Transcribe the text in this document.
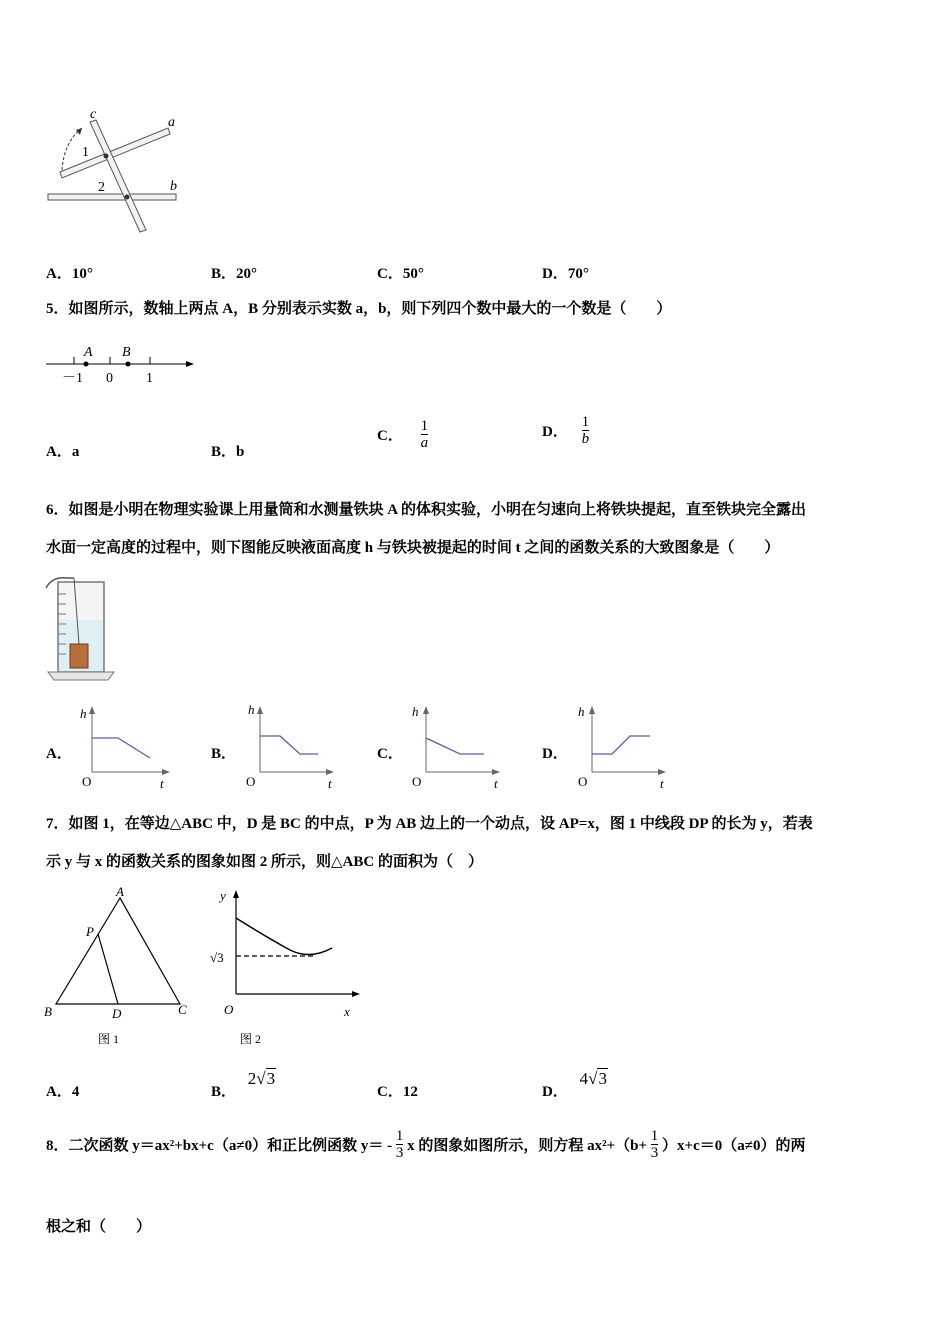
c
a
b
1
2
A．10°	B．20°	C．50°	D．70°
5．如图所示，数轴上两点 A，B 分别表示实数 a，b，则下列四个数中最大的一个数是（　　）
A B
－1 0 1
A．a	B．b
C． $\frac{1}{a}$	D． $\frac{1}{b}$
6．如图是小明在物理实验课上用量筒和水测量铁块 A 的体积实验，小明在匀速向上将铁块提起，直至铁块完全露出
水面一定高度的过程中，则下图能反映液面高度 h 与铁块被提起的时间 t 之间的函数关系的大致图象是（　　）
A．	B．	C．	D．
h
t
O
h
t
O
h
t
O
h
t
O
7．如图 1，在等边△ABC 中，D 是 BC 的中点，P 为 AB 边上的一个动点，设 AP=x，图 1 中线段 DP 的长为 y，若表
示 y 与 x 的函数关系的图象如图 2 所示，则△ABC 的面积为（　）
A
P
B	D	C
图 1
y
√3
O	x
图 2
A．4	B． 2√3
C．12	D． 4√3
8．二次函数 y＝ax²+bx+c（a≠0）和正比例函数 $y= - \frac{1}{3}$ x 的图象如图所示，则方程 $ax^2+(b+ \frac{1}{3} )x+c=0(a\ne 0)$的两
根之和（　　）
